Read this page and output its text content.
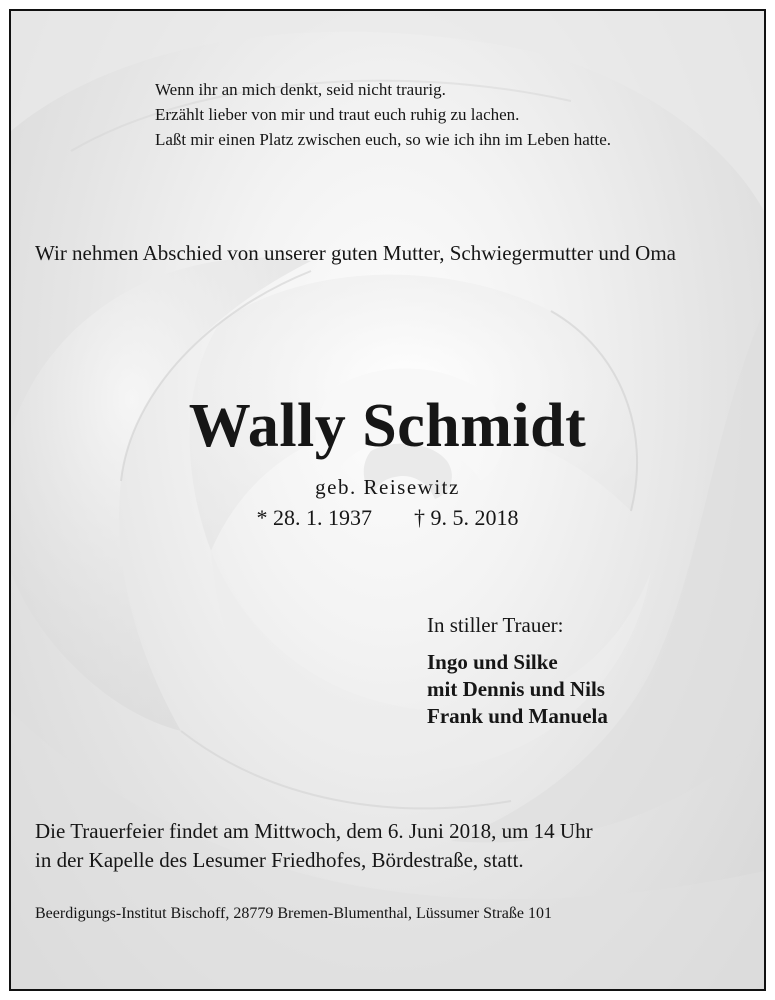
Wenn ihr an mich denkt, seid nicht traurig.
Erzählt lieber von mir und traut euch ruhig zu lachen.
Laßt mir einen Platz zwischen euch, so wie ich ihn im Leben hatte.

Wir nehmen Abschied von unserer guten Mutter, Schwiegermutter und Oma

Wally Schmidt

geb. Reisewitz

* 28. 1. 1937 † 9. 5. 2018

In stiller Trauer:

Ingo und Silke
mit Dennis und Nils
Frank und Manuela
Die Trauerfeier findet am Mittwoch, dem 6. Juni 2018, um 14 Uhr
in der Kapelle des Lesumer Friedhofes, Bördestraße, statt.

Beerdigungs-Institut Bischoff, 28779 Bremen-Blumenthal, Lüssumer Straße 101
